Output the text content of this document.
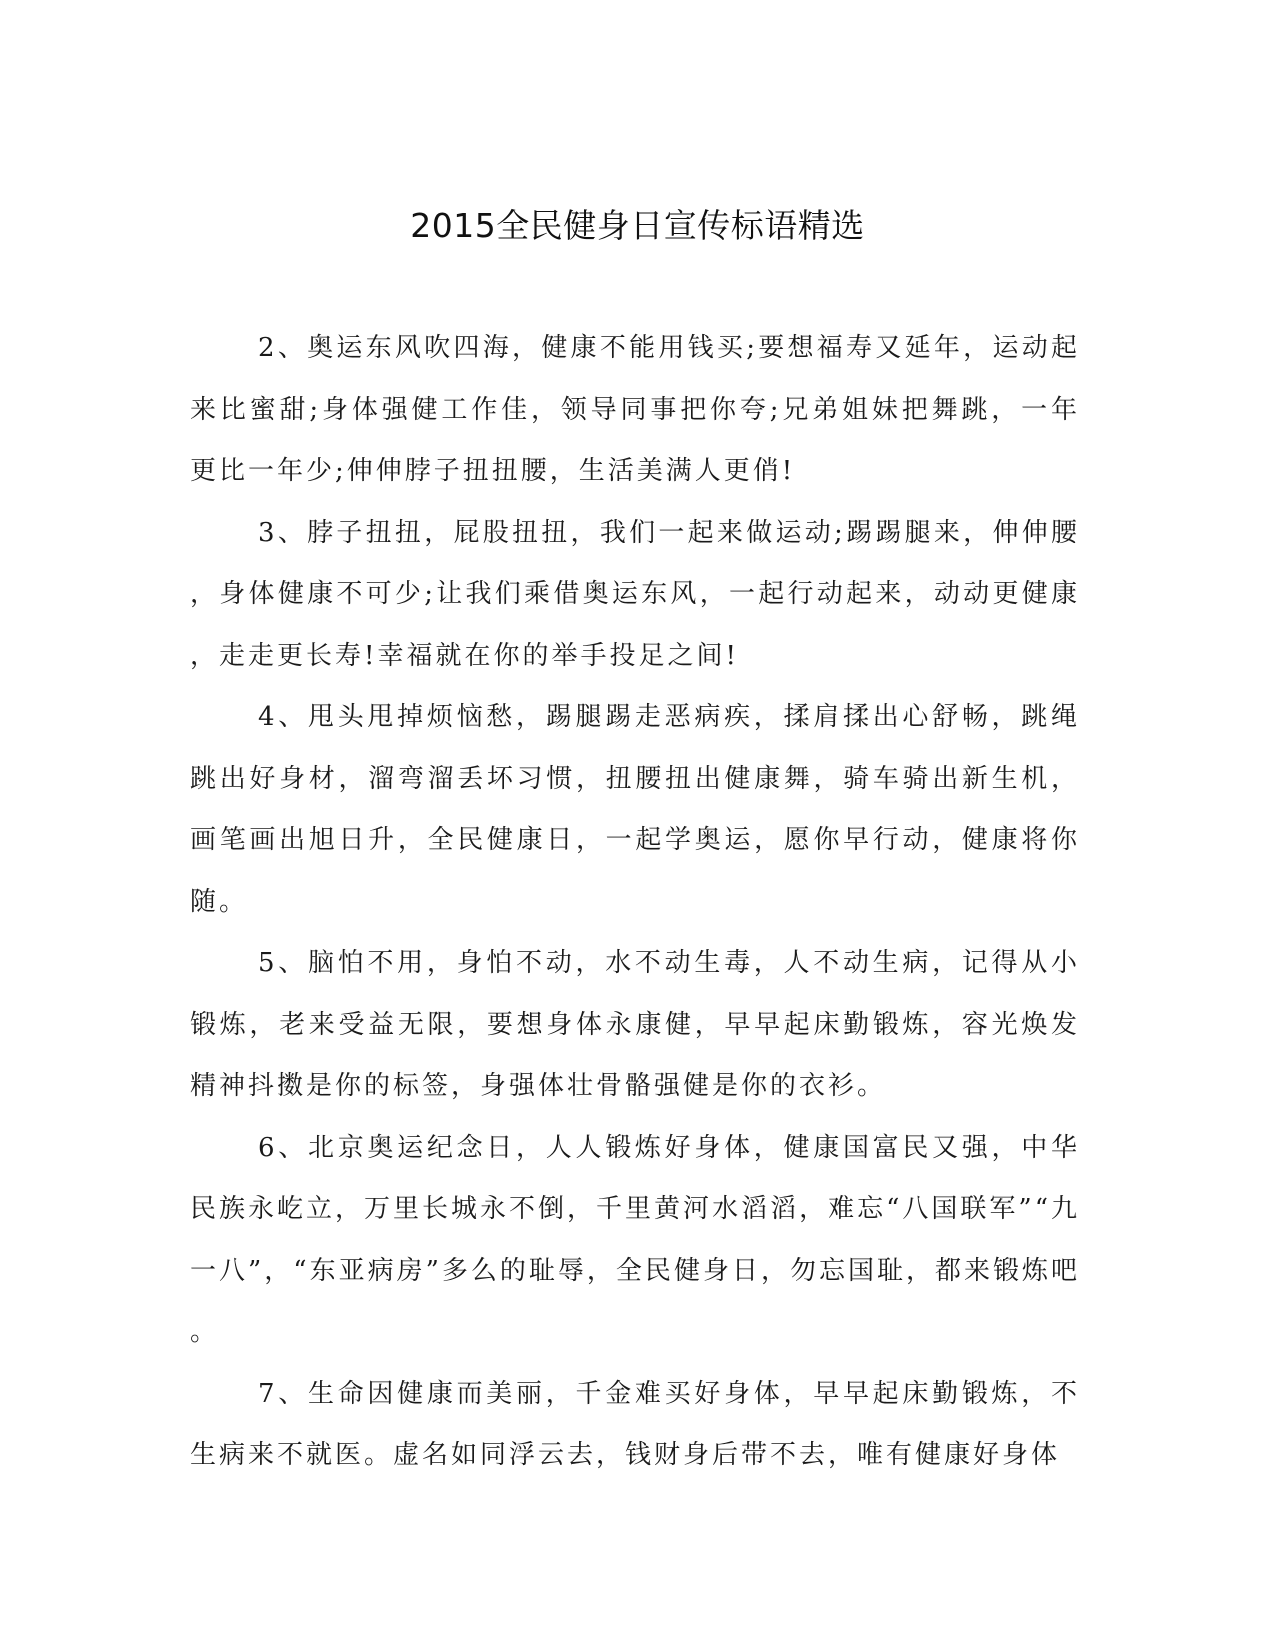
2015全民健身日宣传标语精选

2、奥运东风吹四海，健康不能用钱买;要想福寿又延年，运动起来比蜜甜;身体强健工作佳，领导同事把你夸;兄弟姐妹把舞跳，一年更比一年少;伸伸脖子扭扭腰，生活美满人更俏!

3、脖子扭扭，屁股扭扭，我们一起来做运动;踢踢腿来，伸伸腰，身体健康不可少;让我们乘借奥运东风，一起行动起来，动动更健康，走走更长寿!幸福就在你的举手投足之间!

4、甩头甩掉烦恼愁，踢腿踢走恶病疾，揉肩揉出心舒畅，跳绳跳出好身材，溜弯溜丢坏习惯，扭腰扭出健康舞，骑车骑出新生机，画笔画出旭日升，全民健康日，一起学奥运，愿你早行动，健康将你随。

5、脑怕不用，身怕不动，水不动生毒，人不动生病，记得从小锻炼，老来受益无限，要想身体永康健，早早起床勤锻炼，容光焕发精神抖擞是你的标签，身强体壮骨骼强健是你的衣衫。

6、北京奥运纪念日，人人锻炼好身体，健康国富民又强，中华民族永屹立，万里长城永不倒，千里黄河水滔滔，难忘“八国联军”“九一八”，“东亚病房”多么的耻辱，全民健身日，勿忘国耻，都来锻炼吧。

7、生命因健康而美丽，千金难买好身体，早早起床勤锻炼，不生病来不就医。虚名如同浮云去，钱财身后带不去，唯有健康好身体
